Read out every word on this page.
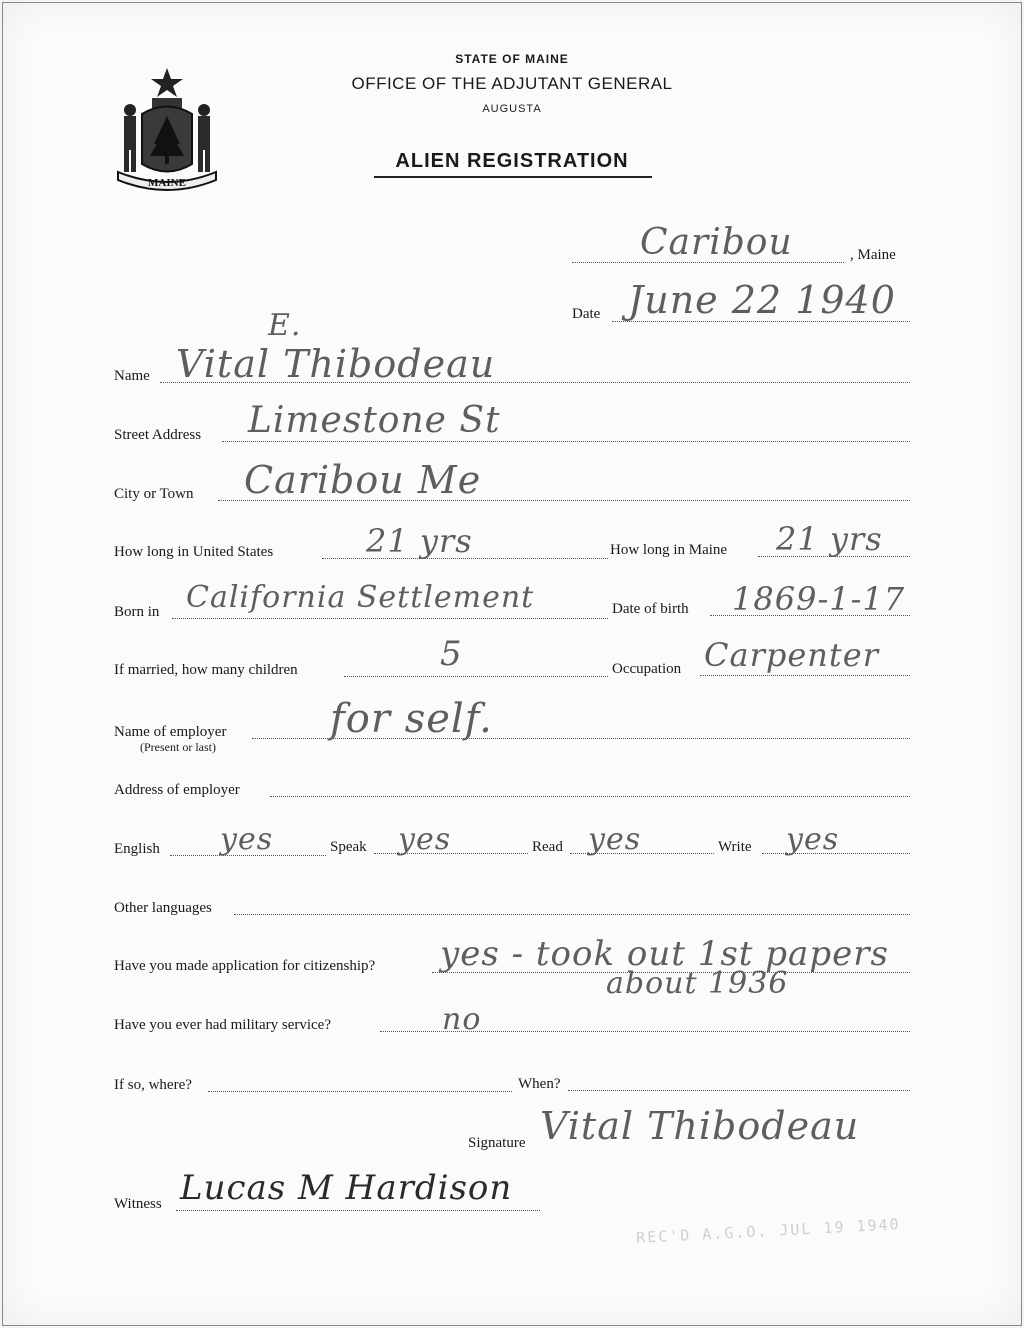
MAINE
STATE OF MAINE
OFFICE OF THE ADJUTANT GENERAL
AUGUSTA
ALIEN REGISTRATION
Caribou	, Maine
Date June 22 1940
E.
Name Vital Thibodeau
Street Address Limestone St
City or Town Caribou Me
How long in United States	21 yrs	How long in Maine 21 yrs
Born in California Settlement	Date of birth 1869-1-17
If married, how many children	5	Occupation Carpenter
Name of employer
(Present or last)
for self.
Address of employer
English yes	Speak yes	Read yes	Write yes
Other languages
Have you made application for citizenship? yes - took out 1st papers
about 1936
Have you ever had military service?	no
If so, where?	When?
Signature Vital Thibodeau
Witness Lucas M Hardison
REC'D A.G.O. JUL 19 1940
